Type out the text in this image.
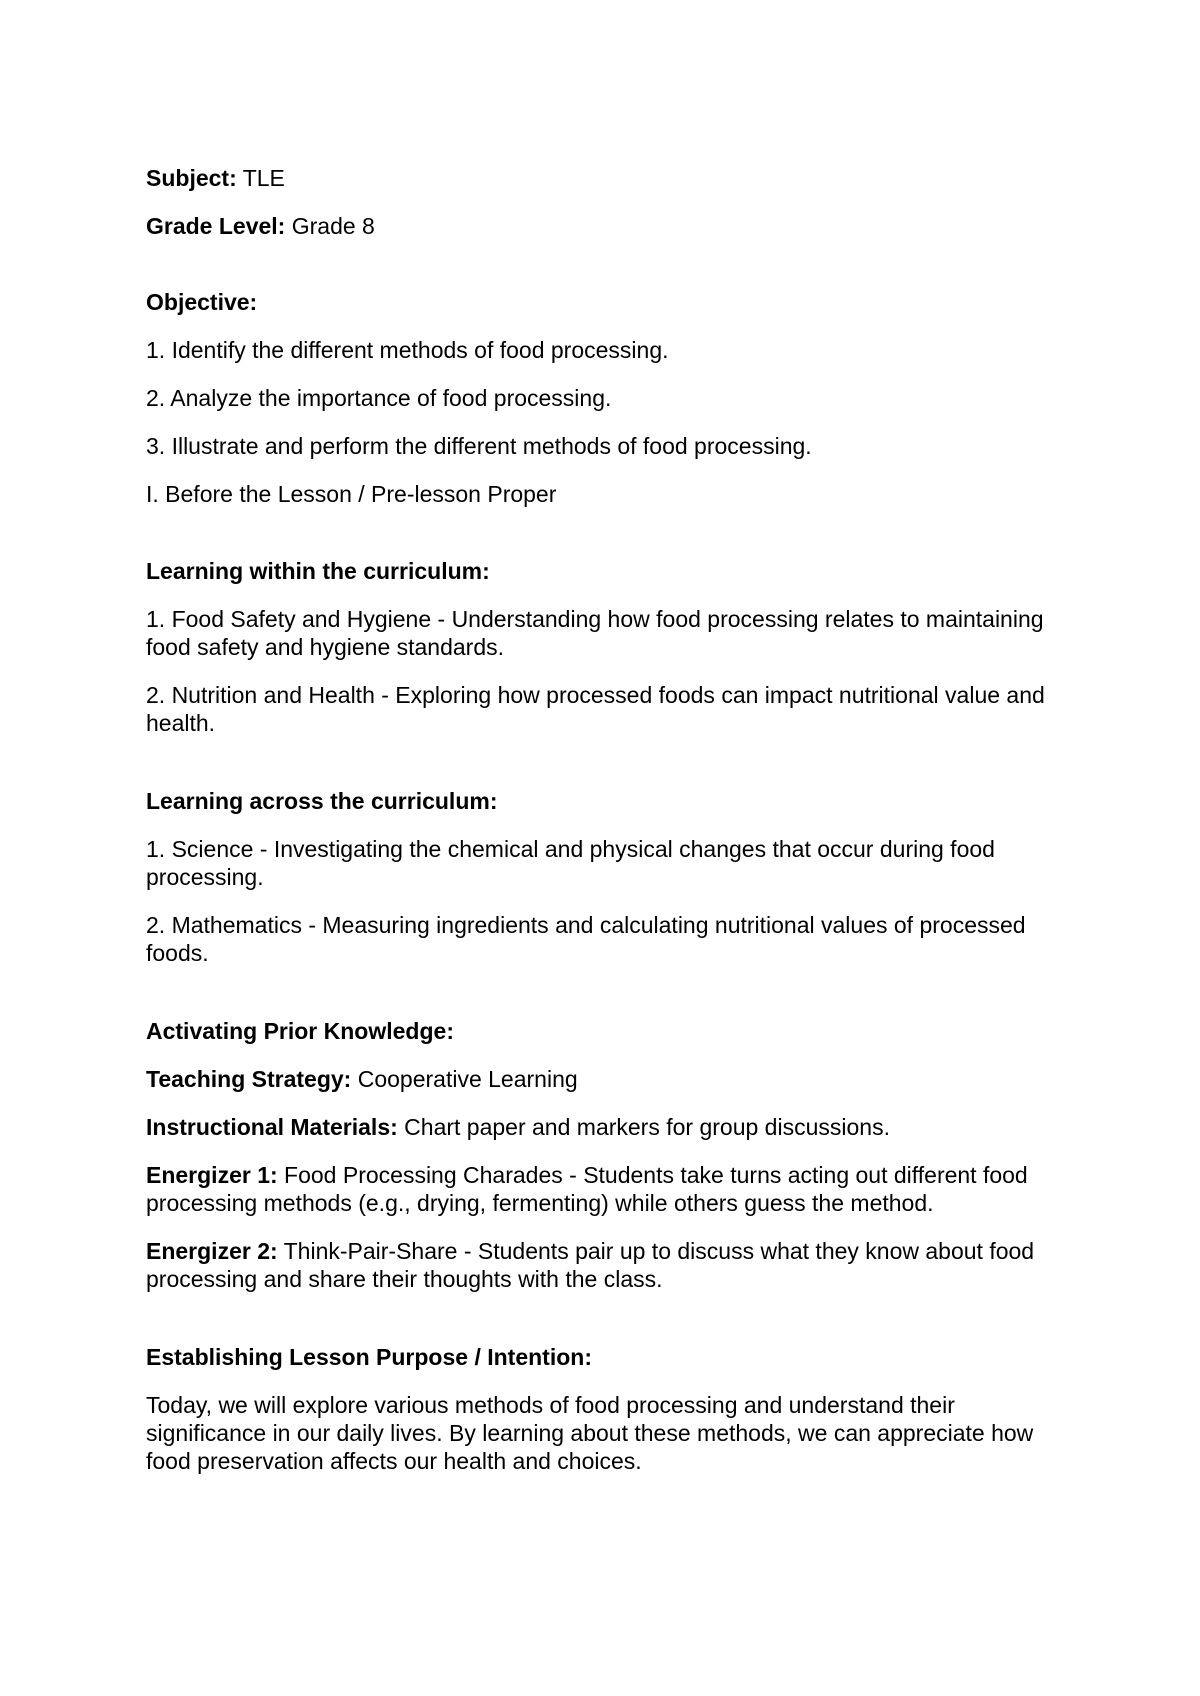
Subject: TLE

Grade Level: Grade 8

Objective:

1. Identify the different methods of food processing.

2. Analyze the importance of food processing.

3. Illustrate and perform the different methods of food processing.

I. Before the Lesson / Pre-lesson Proper

Learning within the curriculum:

1. Food Safety and Hygiene - Understanding how food processing relates to maintaining food safety and hygiene standards.

2. Nutrition and Health - Exploring how processed foods can impact nutritional value and health.

Learning across the curriculum:

1. Science - Investigating the chemical and physical changes that occur during food processing.

2. Mathematics - Measuring ingredients and calculating nutritional values of processed foods.

Activating Prior Knowledge:

Teaching Strategy: Cooperative Learning

Instructional Materials: Chart paper and markers for group discussions.

Energizer 1: Food Processing Charades - Students take turns acting out different food processing methods (e.g., drying, fermenting) while others guess the method.

Energizer 2: Think-Pair-Share - Students pair up to discuss what they know about food processing and share their thoughts with the class.

Establishing Lesson Purpose / Intention:

Today, we will explore various methods of food processing and understand their significance in our daily lives. By learning about these methods, we can appreciate how food preservation affects our health and choices.
